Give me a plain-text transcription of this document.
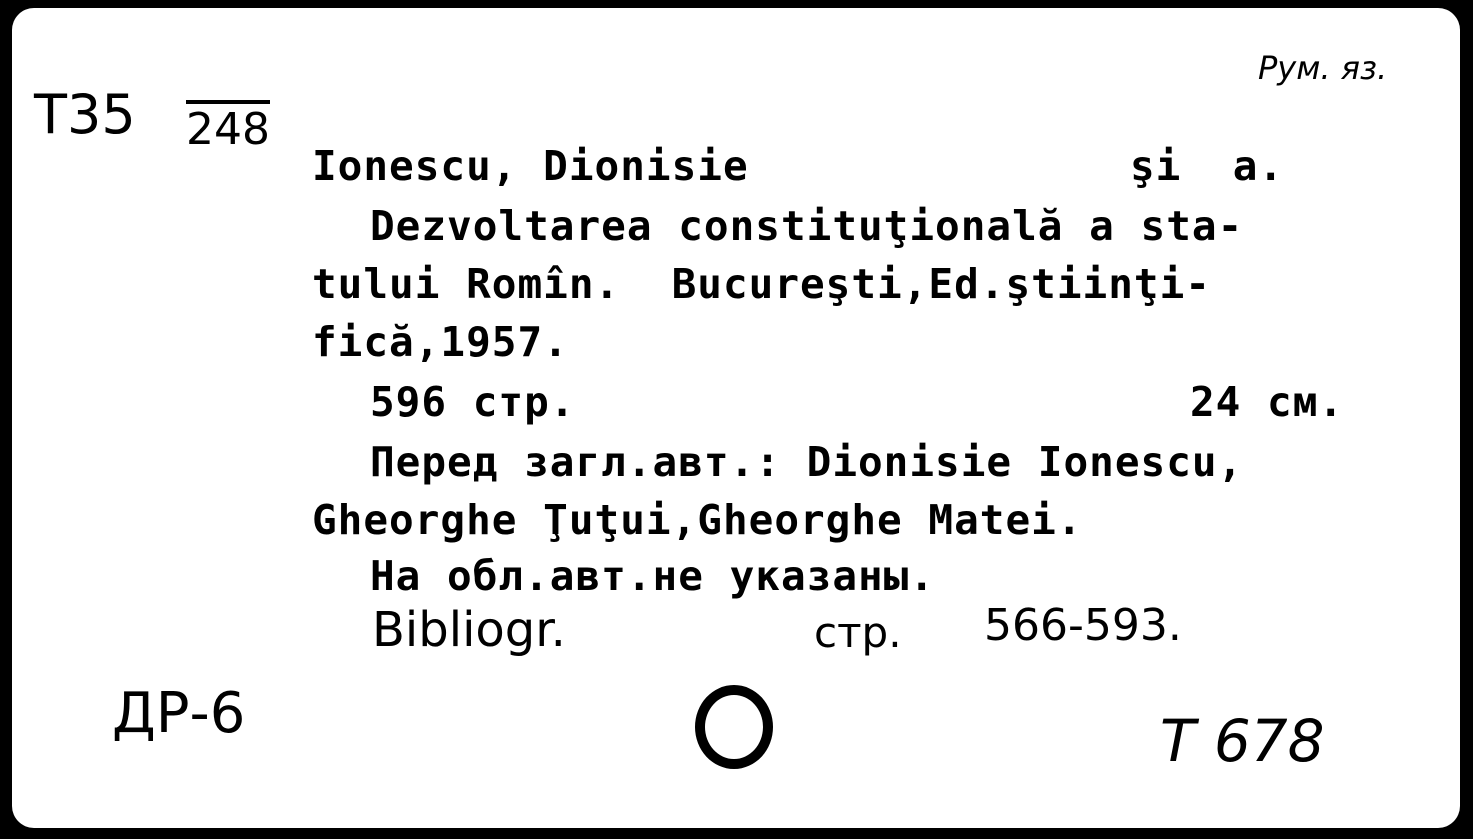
Рум. яз.
T35 248
Ionescu, Dionisie	şi  a.
Dezvoltarea constituţională a sta-
tului Romîn.  Bucureşti,Ed.ştiinţi-
fică,1957.
596 стр.	24 см.
Перед загл.авт.: Dionisie Ionescu,
Gheorghe Ţuţui,Gheorghe Matei.
На обл.авт.не указаны.
Bibliogr.	стр. 566-593.
ДР-6	T 678
